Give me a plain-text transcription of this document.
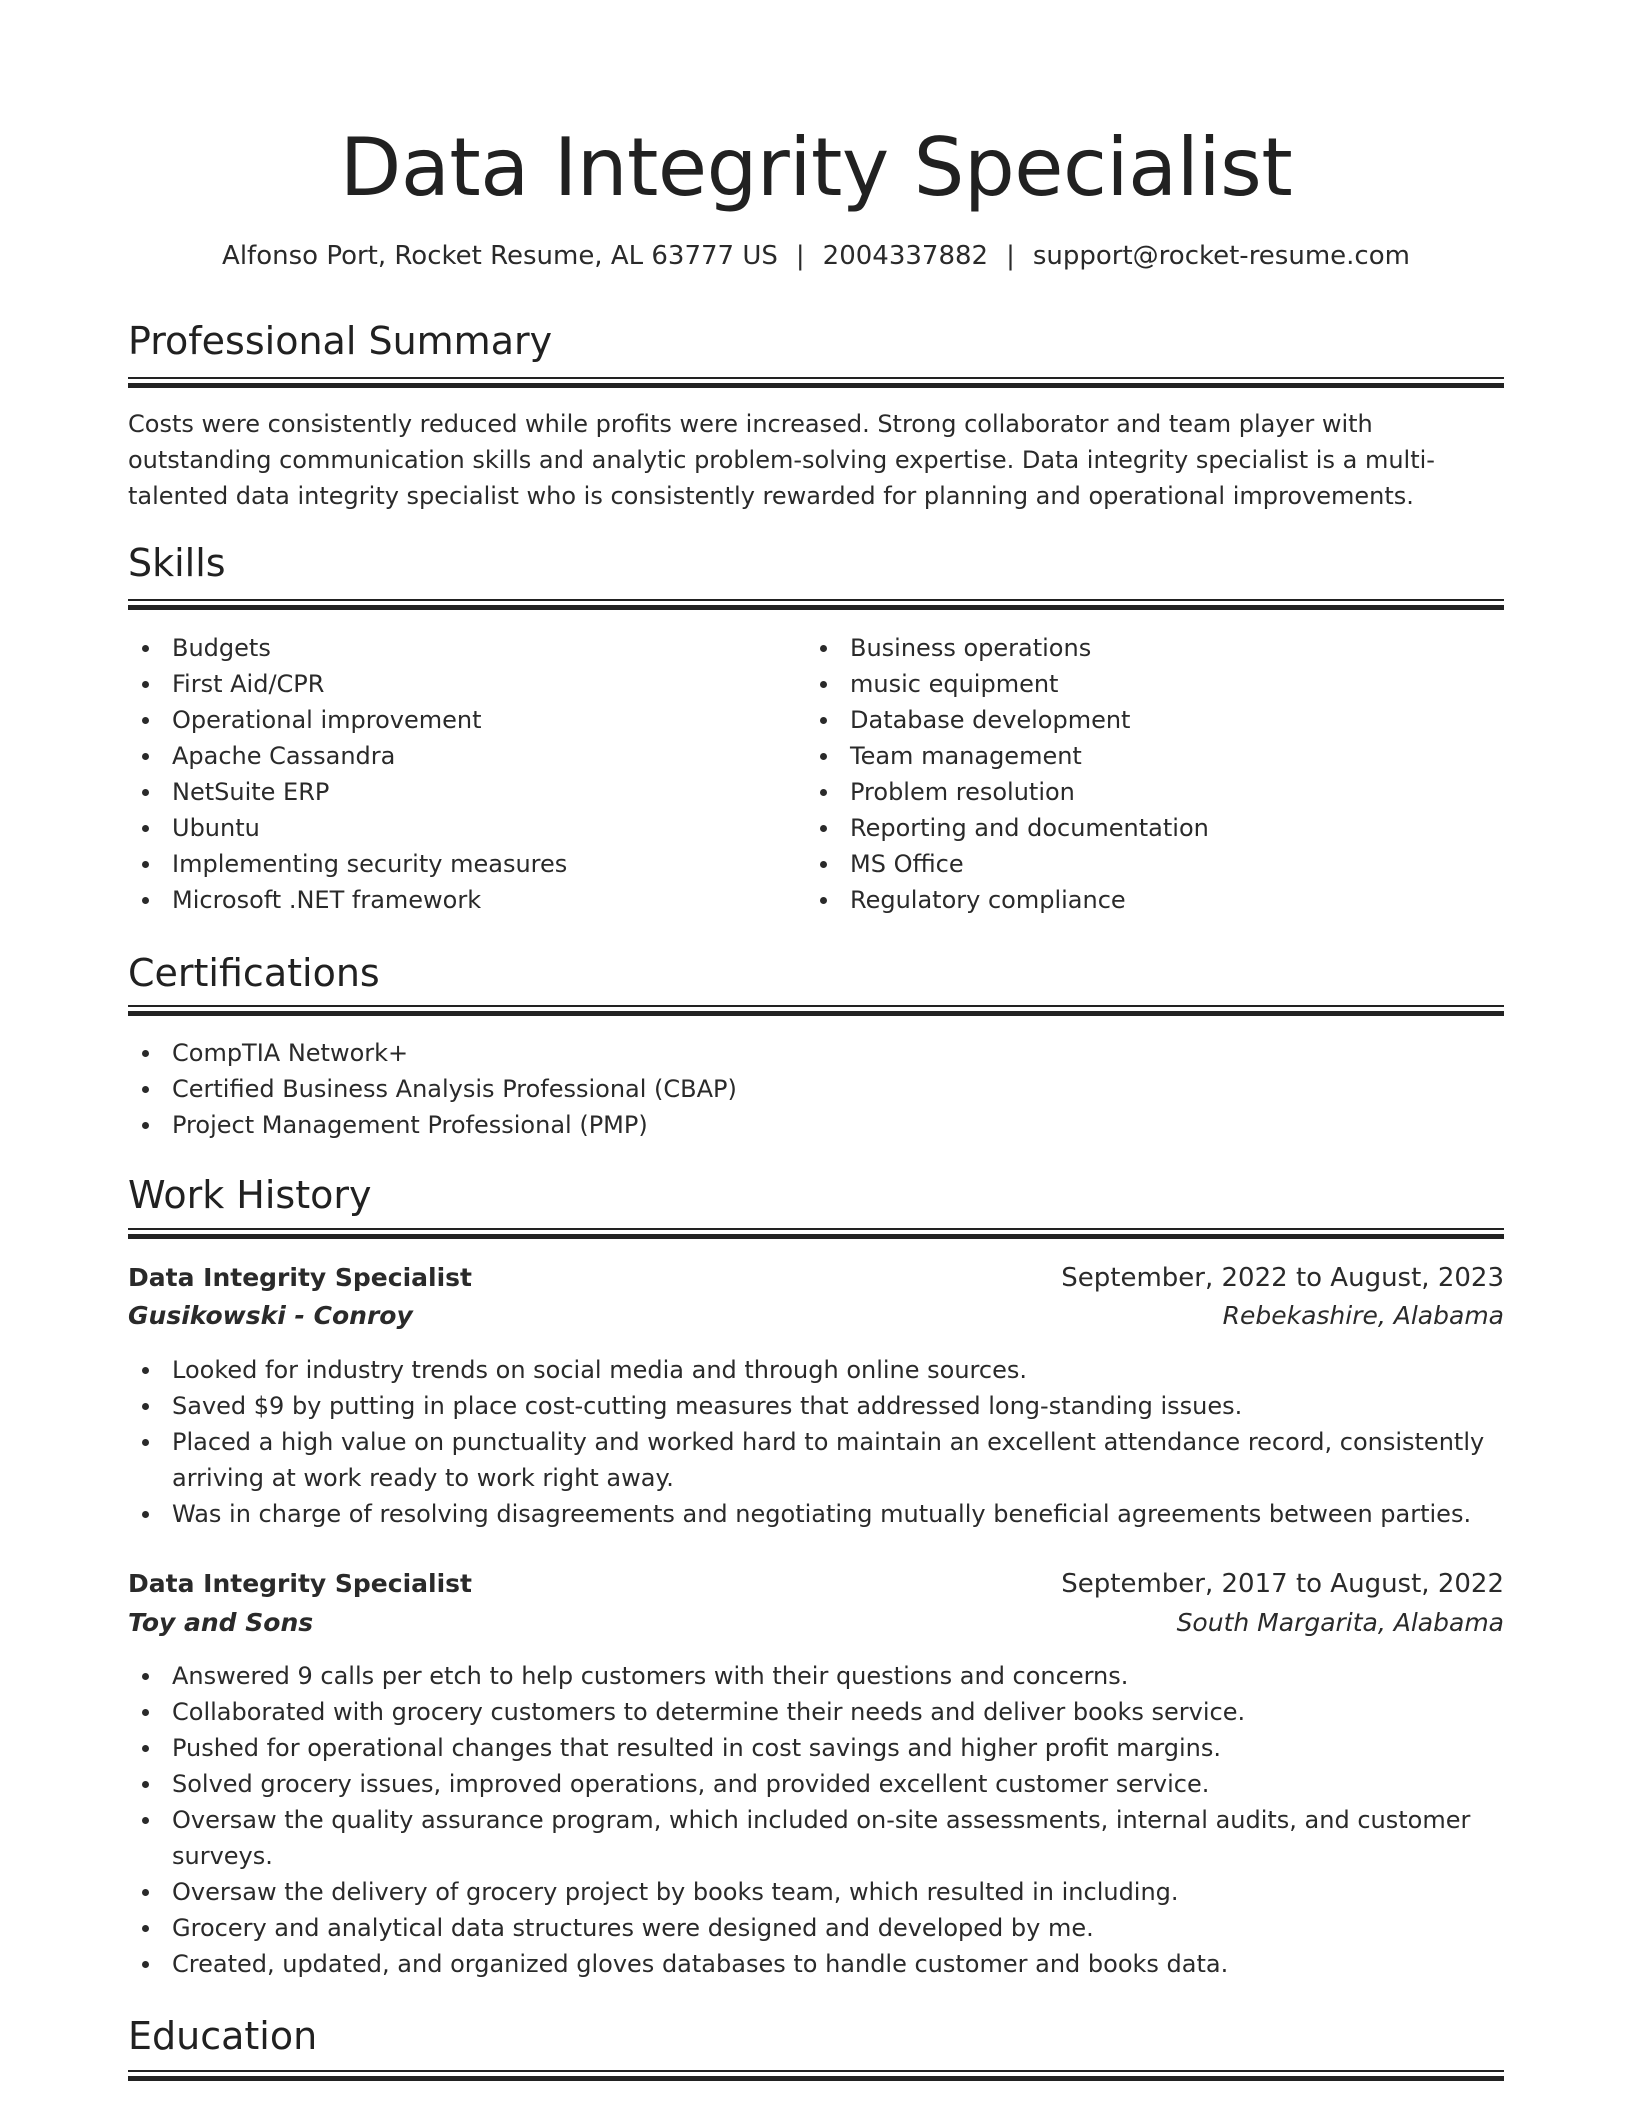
Data Integrity Specialist
Alfonso Port, Rocket Resume, AL 63777 US | 2004337882 | support@rocket-resume.com
Professional Summary
Costs were consistently reduced while profits were increased. Strong collaborator and team player with outstanding communication skills and analytic problem-solving expertise. Data integrity specialist is a multi-talented data integrity specialist who is consistently rewarded for planning and operational improvements.
Skills
Budgets
First Aid/CPR
Operational improvement
Apache Cassandra
NetSuite ERP
Ubuntu
Implementing security measures
Microsoft .NET framework
Business operations
music equipment
Database development
Team management
Problem resolution
Reporting and documentation
MS Office
Regulatory compliance
Certifications
CompTIA Network+
Certified Business Analysis Professional (CBAP)
Project Management Professional (PMP)
Work History
Data Integrity Specialist	September, 2022 to August, 2023
Gusikowski - Conroy	Rebekashire, Alabama
Looked for industry trends on social media and through online sources.
Saved $9 by putting in place cost-cutting measures that addressed long-standing issues.
Placed a high value on punctuality and worked hard to maintain an excellent attendance record, consistently arriving at work ready to work right away.
Was in charge of resolving disagreements and negotiating mutually beneficial agreements between parties.
Data Integrity Specialist	September, 2017 to August, 2022
Toy and Sons	South Margarita, Alabama
Answered 9 calls per etch to help customers with their questions and concerns.
Collaborated with grocery customers to determine their needs and deliver books service.
Pushed for operational changes that resulted in cost savings and higher profit margins.
Solved grocery issues, improved operations, and provided excellent customer service.
Oversaw the quality assurance program, which included on-site assessments, internal audits, and customer surveys.
Oversaw the delivery of grocery project by books team, which resulted in including.
Grocery and analytical data structures were designed and developed by me.
Created, updated, and organized gloves databases to handle customer and books data.
Education
